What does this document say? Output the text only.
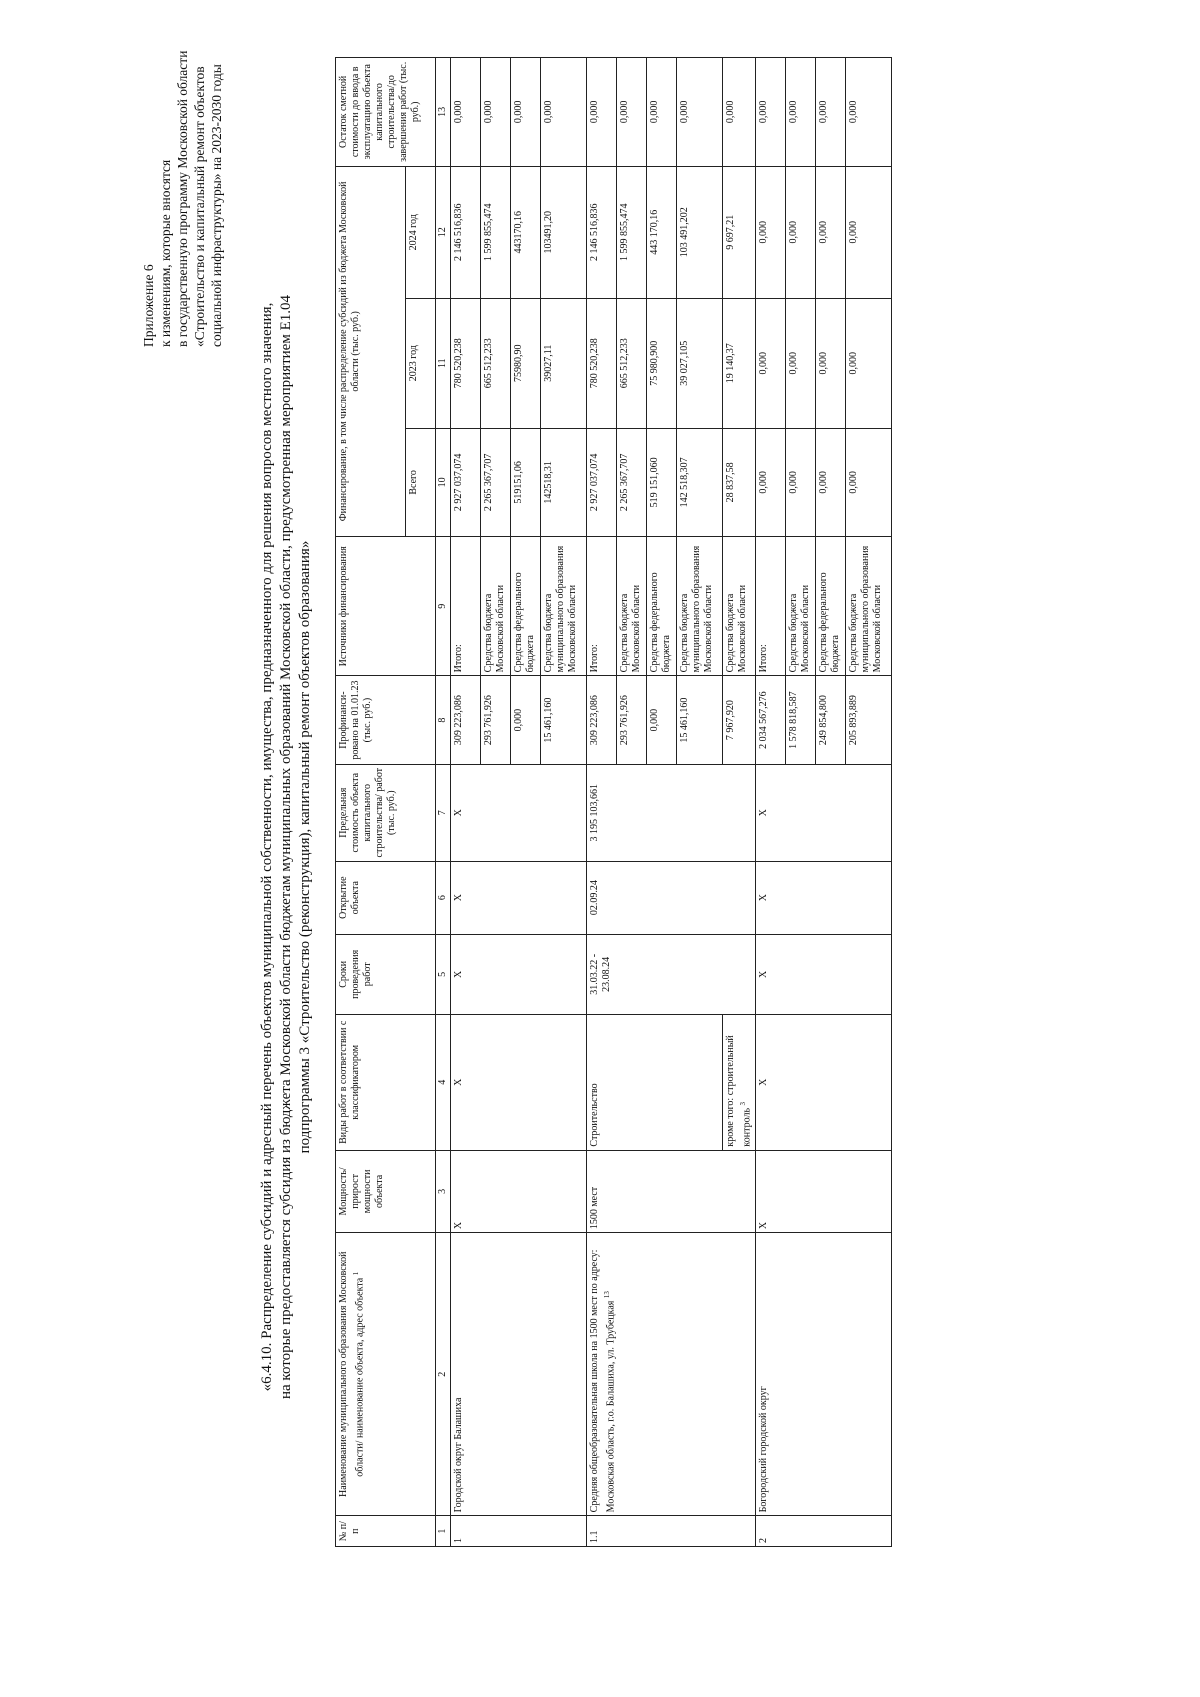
Приложение 6 к изменениям, которые вносятся в государственную программу Московской области «Строительство и капитальный ремонт объектов социальной инфраструктуры» на 2023-2030 годы
«6.4.10. Распределение субсидий и адресный перечень объектов муниципальной собственности, имущества, предназначенного для решения вопросов местного значения, на которые предоставляется субсидия из бюджета Московской области бюджетам муниципальных образований Московской области, предусмотренная мероприятием Е1.04 подпрограммы 3 «Строительство (реконструкция), капитальный ремонт объектов образования»
№ п/п	Наименование муниципального образования Московской области/ наименование объекта, адрес объекта $^1$	Мощность/ прирост мощности объекта	Виды работ в соответствии с классификатором	Сроки проведения работ	Открытие объекта	Предельная стоимость объекта капитального строительства/ работ (тыс. руб.)	Профинанси- ровано на 01.01.23 (тыс. руб.)	Источники финансирования	Финансирование, в том числе распределение субсидий из бюджета Московской области (тыс. руб.)			Остаток сметной стоимости до ввода в эксплуатацию объекта капитального строительства/до завершения работ (тыс. руб.)
									Всего	2023 год	2024 год	
1	2	3	4	5	6	7	8	9	10	11	12	13
1	Городской округ Балашиха	Х	Х	Х	Х	Х	309 223,086	Итого:	2 927 037,074	780 520,238	2 146 516,836	0,000
							293 761,926	Средства бюджета Московской области	2 265 367,707	665 512,233	1 599 855,474	0,000
							0,000	Средства федерального бюджета	519151,06	75980,90	443170,16	0,000
							15 461,160	Средства бюджета муниципального образования Московской области	142518,31	39027,11	103491,20	0,000
1.1	Средняя общеобразовательная школа на 1500 мест по адресу: Московская область, г.о. Балашиха, ул. Трубецкая $^{13}$	1500 мест	Строительство	31.03.22 - 23.08.24	02.09.24	3 195 103,661	309 223,086	Итого:	2 927 037,074	780 520,238	2 146 516,836	0,000
							293 761,926	Средства бюджета Московской области	2 265 367,707	665 512,233	1 599 855,474	0,000
							0,000	Средства федерального бюджета	519 151,060	75 980,900	443 170,16	0,000
							15 461,160	Средства бюджета муниципального образования Московской области	142 518,307	39 027,105	103 491,202	0,000
			кроме того: строительный контроль $^3$				7 967,920	Средства бюджета Московской области	28 837,58	19 140,37	9 697,21	0,000
2	Богородский городской округ	Х	Х	Х	Х	Х	2 034 567,276	Итого:	0,000	0,000	0,000	0,000
							1 578 818,587	Средства бюджета Московской области	0,000	0,000	0,000	0,000
							249 854,800	Средства федерального бюджета	0,000	0,000	0,000	0,000
							205 893,889	Средства бюджета муниципального образования Московской области	0,000	0,000	0,000	0,000
